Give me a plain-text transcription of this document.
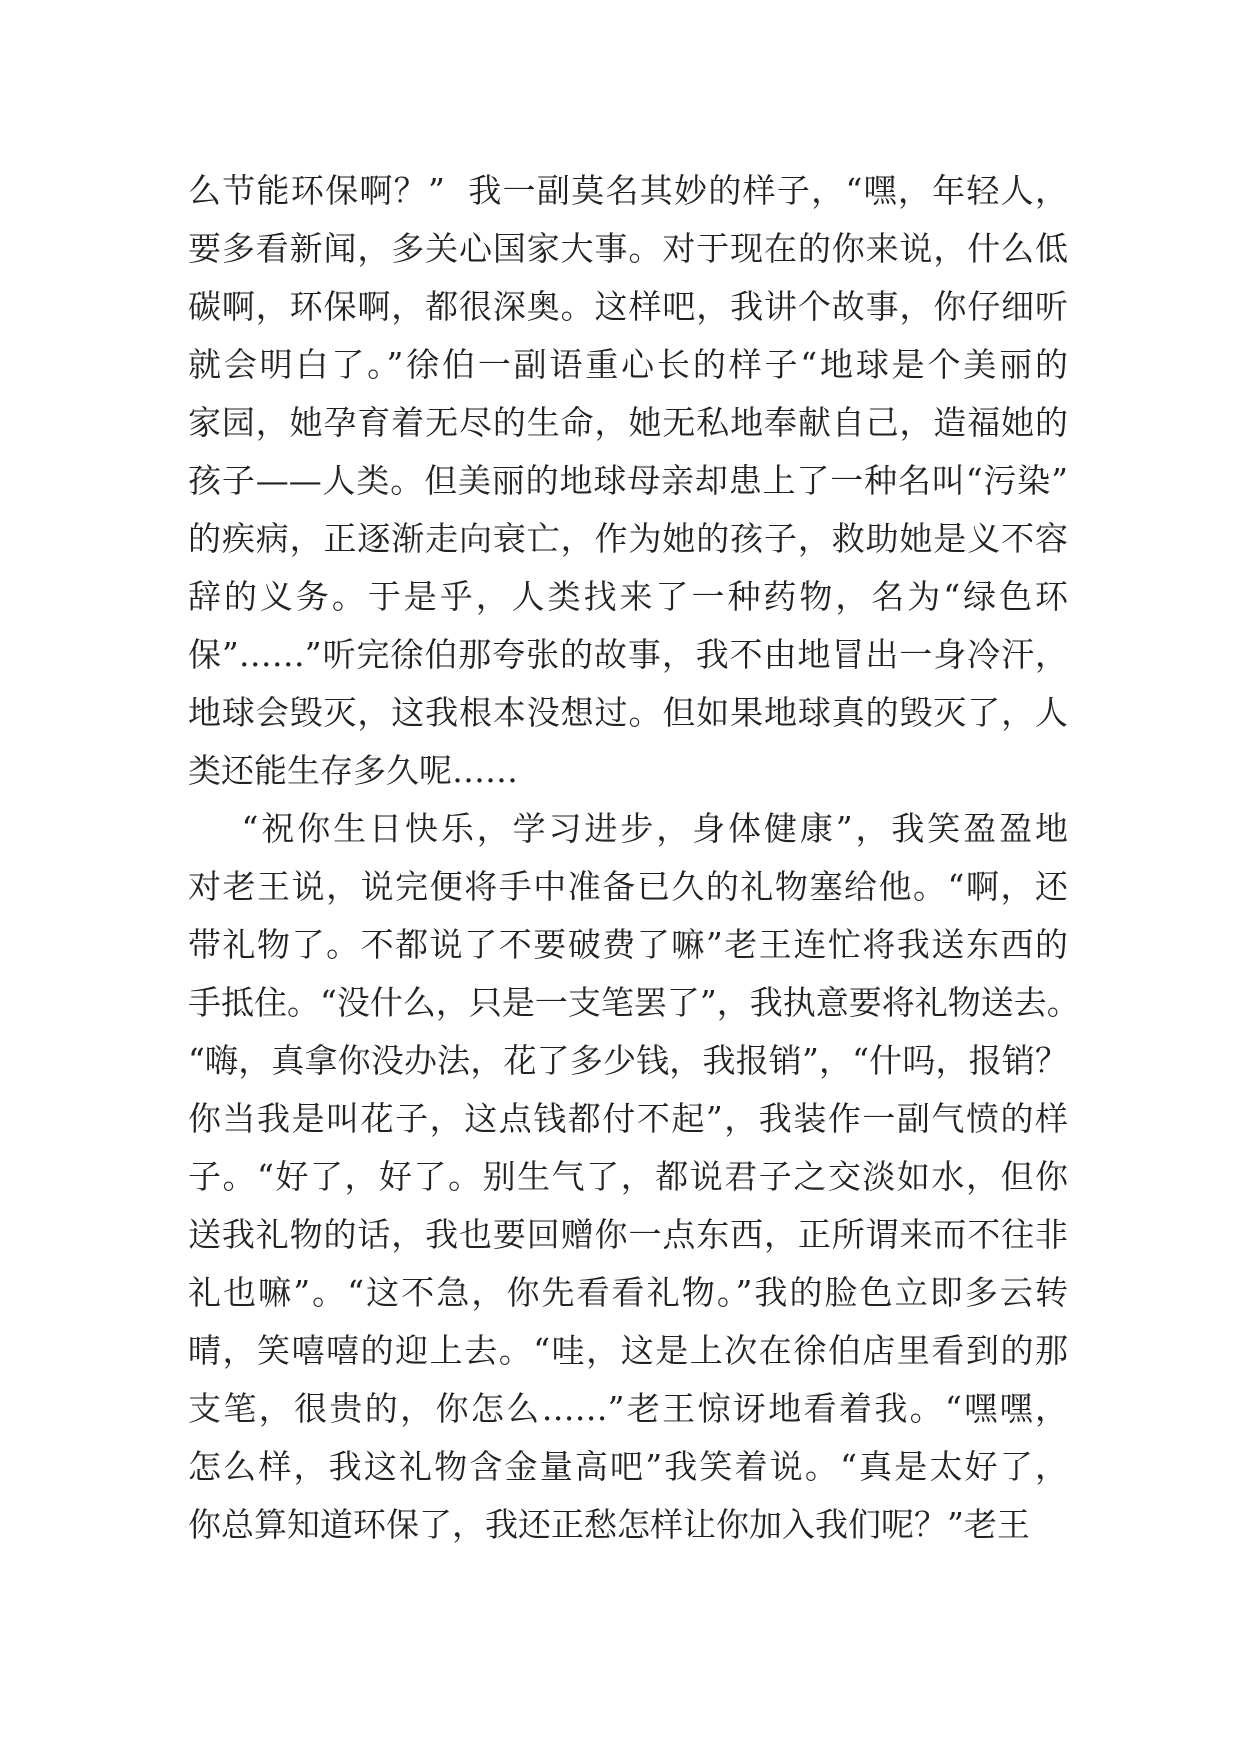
么节能环保啊？”  我一副莫名其妙的样子，“嘿，年轻人，
要多看新闻，多关心国家大事。对于现在的你来说，什么低
碳啊，环保啊，都很深奥。这样吧，我讲个故事，你仔细听
就会明白了。”徐伯一副语重心长的样子“地球是个美丽的
家园，她孕育着无尽的生命，她无私地奉献自己，造福她的
孩子——人类。但美丽的地球母亲却患上了一种名叫“污染”
的疾病，正逐渐走向衰亡，作为她的孩子，救助她是义不容
辞的义务。于是乎，人类找来了一种药物，名为“绿色环
保”……”听完徐伯那夸张的故事，我不由地冒出一身冷汗，
地球会毁灭，这我根本没想过。但如果地球真的毁灭了，人
类还能生存多久呢……
“祝你生日快乐，学习进步，身体健康”，我笑盈盈地
对老王说，说完便将手中准备已久的礼物塞给他。“啊，还
带礼物了。不都说了不要破费了嘛”老王连忙将我送东西的
手抵住。“没什么，只是一支笔罢了”，我执意要将礼物送去。
“嗨，真拿你没办法，花了多少钱，我报销”，“什吗，报销？
你当我是叫花子，这点钱都付不起”，我装作一副气愤的样
子。“好了，好了。别生气了，都说君子之交淡如水，但你
送我礼物的话，我也要回赠你一点东西，正所谓来而不往非
礼也嘛”。“这不急，你先看看礼物。”我的脸色立即多云转
晴，笑嘻嘻的迎上去。“哇，这是上次在徐伯店里看到的那
支笔，很贵的，你怎么……”老王惊讶地看着我。“嘿嘿，
怎么样，我这礼物含金量高吧”我笑着说。“真是太好了，
你总算知道环保了，我还正愁怎样让你加入我们呢？”老王
